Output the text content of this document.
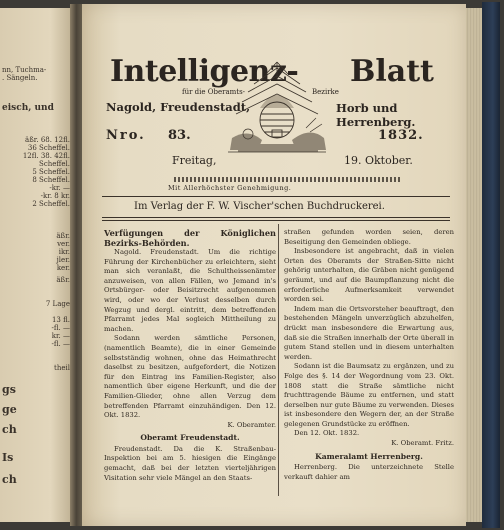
nn, Tuchma-
. Sängeln.
eisch, und
äßr. 68. 12fl.
36 Scheffel.
12fl. 38. 42fl.
Scheffel.
5 Scheffel.
8 Scheffel.
-kr. —
-kr. 8 kr.
2 Scheffel.
äßr.
ver.
ikr.
jler.
ker.
äßr.
7 Lage
13 fl.
-fl. —
kr. —
-fl. —
theil
gs
ge
ch
Is
ch
Intelligenz- Blatt
für die Oberamts-	Bezirke
Nagold, Freudenstadt,	Horb und Herrenberg.
Nro. 83.	1832.
Freitag,	19. Oktober.
Mit Allerhöchster Genehmigung.
Im Verlag der F. W. Vischer'schen Buchdruckerei.

Verfügungen der Königlichen Bezirks-Behörden.

Nagold. Freudenstadt. Um die richtige Führung der Kirchenbücher zu erleichtern, sieht man sich veranlaßt, die Schultheissenämter anzuweisen, von allen Fällen, wo Jemand in's Ortsbürger- oder Beisitzrecht aufgenommen wird, oder wo der Verlust desselben durch Wegzug und dergl. eintritt, dem betreffenden Pfarramt jedes Mal sogleich Mittheilung zu machen.

Sodann werden sämtliche Personen, (namentlich Beamte), die in einer Gemeinde selbstständig wohnen, ohne das Heimathrecht daselbst zu besitzen, aufgefordert, die Notizen für den Eintrag ins Familien-Register, also namentlich über eigene Herkunft, und die der Familien-Glieder, ohne allen Verzug dem betreffenden Pfarramt einzuhändigen. Den 12. Okt. 1832.

K. Oberamter.

Oberamt Freudenstadt.

Freudenstadt. Da die K. Straßenbau-Inspektion bei am 5. hiesigen die Eingänge gemacht, daß bei der letzten vierteljährigen Visitation sehr viele Mängel an den Staats-

straßen gefunden worden seien, deren Beseitigung den Gemeinden obliege.

Insbesondere ist angebracht, daß in vielen Orten des Oberamts der Straßen-Sitte nicht gehörig unterhalten, die Gräben nicht genügend geräumt, und auf die Baumpflanzung nicht die erforderliche Aufmerksamkeit verwendet worden sei.

Indem man die Ortsvorsteher beauftragt, den bestehenden Mängeln unverzüglich abzuhelfen, drückt man insbesondere die Erwartung aus, daß sie die Straßen innerhalb der Orte überall in gutem Stand stellen und in diesem unterhalten werden.

Sodann ist die Baumsatz zu ergänzen, und zu Folge des §. 14 der Wegordnung vom 23. Okt. 1808 statt die Straße sämtliche nicht fruchttragende Bäume zu entfernen, und statt derselben nur gute Bäume zu verwenden. Dieses ist insbesondere den Wegern der, an der Straße gelegenen Grundstücke zu eröffnen.

Den 12. Okt. 1832.

K. Oberamt. Fritz.

Kameralamt Herrenberg.

Herrenberg. Die unterzeichnete Stelle verkauft dahier am
